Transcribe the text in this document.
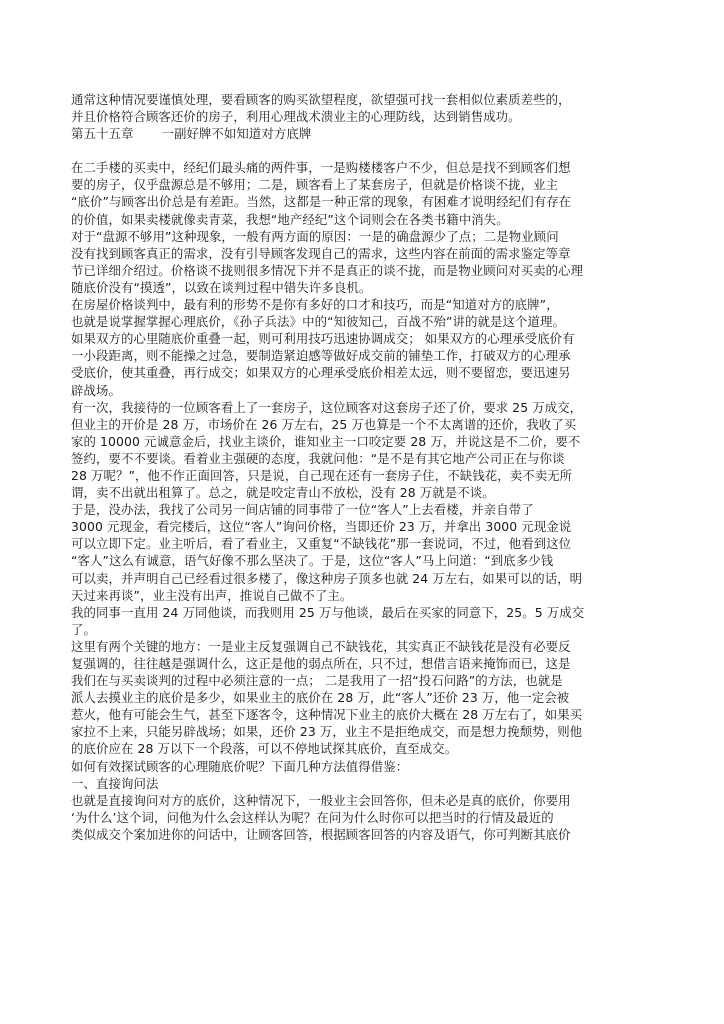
通常这种情况要谨慎处理，要看顾客的购买欲望程度，欲望强可找一套相似位素质差些的，

并且价格符合顾客还价的房子，利用心理战术溃业主的心理防线，达到销售成功。

第五十五章 一副好牌不如知道对方底牌

在二手楼的买卖中，经纪们最头痛的两件事，一是购楼楼客户不少，但总是找不到顾客们想

要的房子，仅乎盘源总是不够用；二是，顾客看上了某套房子，但就是价格谈不拢，业主

“底价”与顾客出价总是有差距。当然，这都是一种正常的现象，有困难才说明经纪们有存在

的价值，如果卖楼就像卖青菜，我想“地产经纪”这个词则会在各类书籍中消失。

对于“盘源不够用”这种现象，一般有两方面的原因：一是的确盘源少了点；二是物业顾问

没有找到顾客真正的需求，没有引导顾客发现自己的需求，这些内容在前面的需求鉴定等章

节已详细介绍过。价格谈不拢则很多情况下并不是真正的谈不拢，而是物业顾问对买卖的心理

随底价没有“摸透”，以致在谈判过程中错失许多良机。

在房屋价格谈判中，最有利的形势不是你有多好的口才和技巧，而是“知道对方的底牌”，

也就是说掌握掌握心理底价，《孙子兵法》中的“知彼知己，百战不殆”讲的就是这个道理。

如果双方的心里随底价重叠一起，则可利用技巧迅速协调成交； 如果双方的心理承受底价有

一小段距离，则不能操之过急，要制造紧迫感等做好成交前的铺垫工作，打破双方的心理承

受底价，使其重叠，再行成交；如果双方的心理承受底价相差太远，则不要留恋，要迅速另

辟战场。

有一次，我接待的一位顾客看上了一套房子，这位顾客对这套房子还了价，要求 25 万成交，

但业主的开价是 28 万，市场价在 26 万左右，25 万也算是一个不太离谱的还价，我收了买

家的 10000 元诚意金后，找业主谈价，谁知业主一口咬定要 28 万，并说这是不二价，要不

签约，要不不要谈。看着业主强硬的态度，我就问他：“是不是有其它地产公司正在与你谈

28 万呢？”，他不作正面回答，只是说，自己现在还有一套房子住，不缺钱花，卖不卖无所

谓，卖不出就出租算了。总之，就是咬定青山不放松，没有 28 万就是不谈。

于是，没办法，我找了公司另一间店铺的同事带了一位“客人”上去看楼，并亲自带了

3000 元现金，看完楼后，这位“客人”询问价格，当即还价 23 万，并拿出 3000 元现金说

可以立即下定。业主听后，看了看业主，又重复“不缺钱花”那一套说词，不过，他看到这位

“客人”这么有诚意，语气好像不那么坚决了。于是，这位“客人”马上问道：“到底多少钱

可以卖，并声明自己已经看过很多楼了，像这种房子顶多也就 24 万左右，如果可以的话，明

天过来再谈”，业主没有出声，推说自己做不了主。

我的同事一直用 24 万同他谈，而我则用 25 万与他谈，最后在买家的同意下，25。5 万成交

了。

这里有两个关键的地方：一是业主反复强调自己不缺钱花，其实真正不缺钱花是没有必要反

复强调的，往往越是强调什么，这正是他的弱点所在，只不过，想借言语来掩饰而已，这是

我们在与买卖谈判的过程中必须注意的一点； 二是我用了一招“投石问路”的方法，也就是

派人去摸业主的底价是多少，如果业主的底价在 28 万，此“客人”还价 23 万，他一定会被

惹火，他有可能会生气，甚至下逐客令，这种情况下业主的底价大概在 28 万左右了，如果买

家拉不上来，只能另辟战场；如果，还价 23 万，业主不是拒绝成交，而是想力挽颓势，则他

的底价应在 28 万以下一个段落，可以不停地试探其底价，直至成交。

如何有效探试顾客的心理随底价呢？下面几种方法值得借鉴：

一、直接询问法

也就是直接询问对方的底价，这种情况下，一般业主会回答你，但未必是真的底价，你要用

‘为什么’这个词，问他为什么会这样认为呢？在问为什么时你可以把当时的行情及最近的

类似成交个案加进你的问话中，让顾客回答，根据顾客回答的内容及语气，你可判断其底价
